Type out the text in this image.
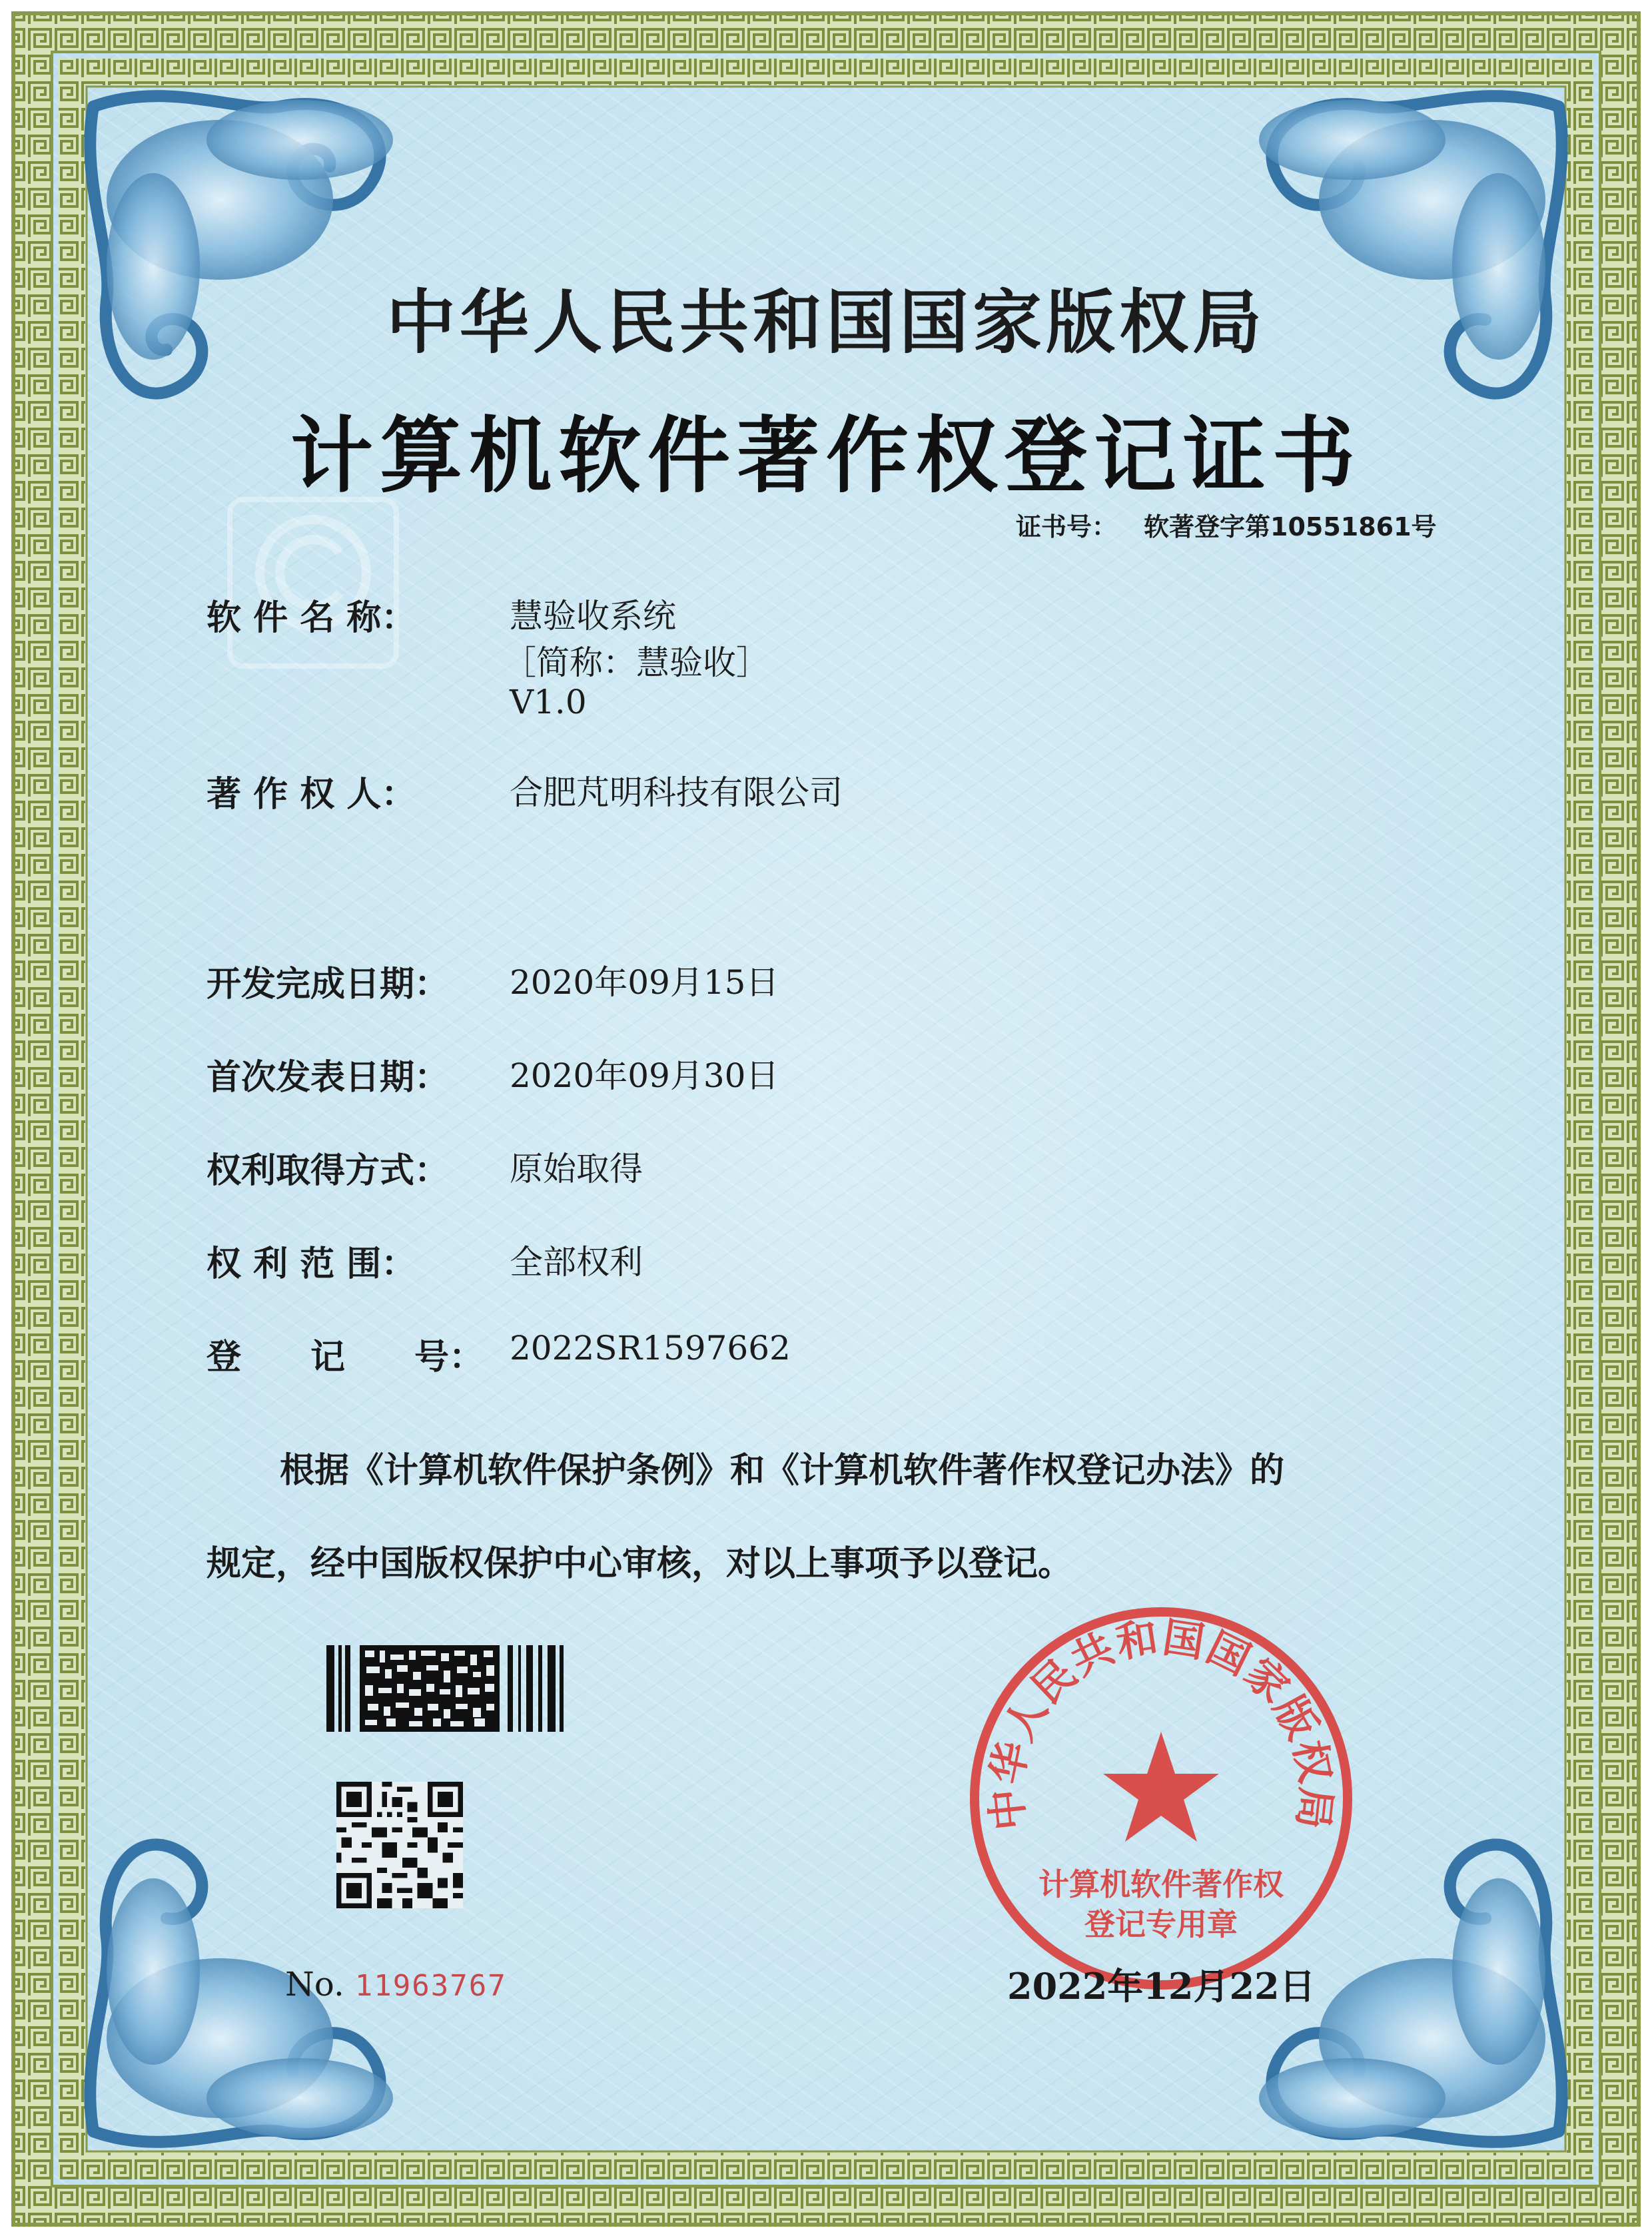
中华人民共和国国家版权局
计算机软件著作权登记证书
证书号： 软著登字第10551861号
软 件 名 称：	慧验收系统
［简称：慧验收］
V1.0
著 作 权 人：	合肥芃明科技有限公司
开发完成日期： 2020年09月15日
首次发表日期： 2020年09月30日
权利取得方式： 原始取得
权 利 范 围：	全部权利
登　　记　　号： 2022SR1597662
根据《计算机软件保护条例》和《计算机软件著作权登记办法》的
规定，经中国版权保护中心审核，对以上事项予以登记。
No. 11963767
中华人民共和国国家版权局
计算机软件著作权
登记专用章
2022年12月22日
